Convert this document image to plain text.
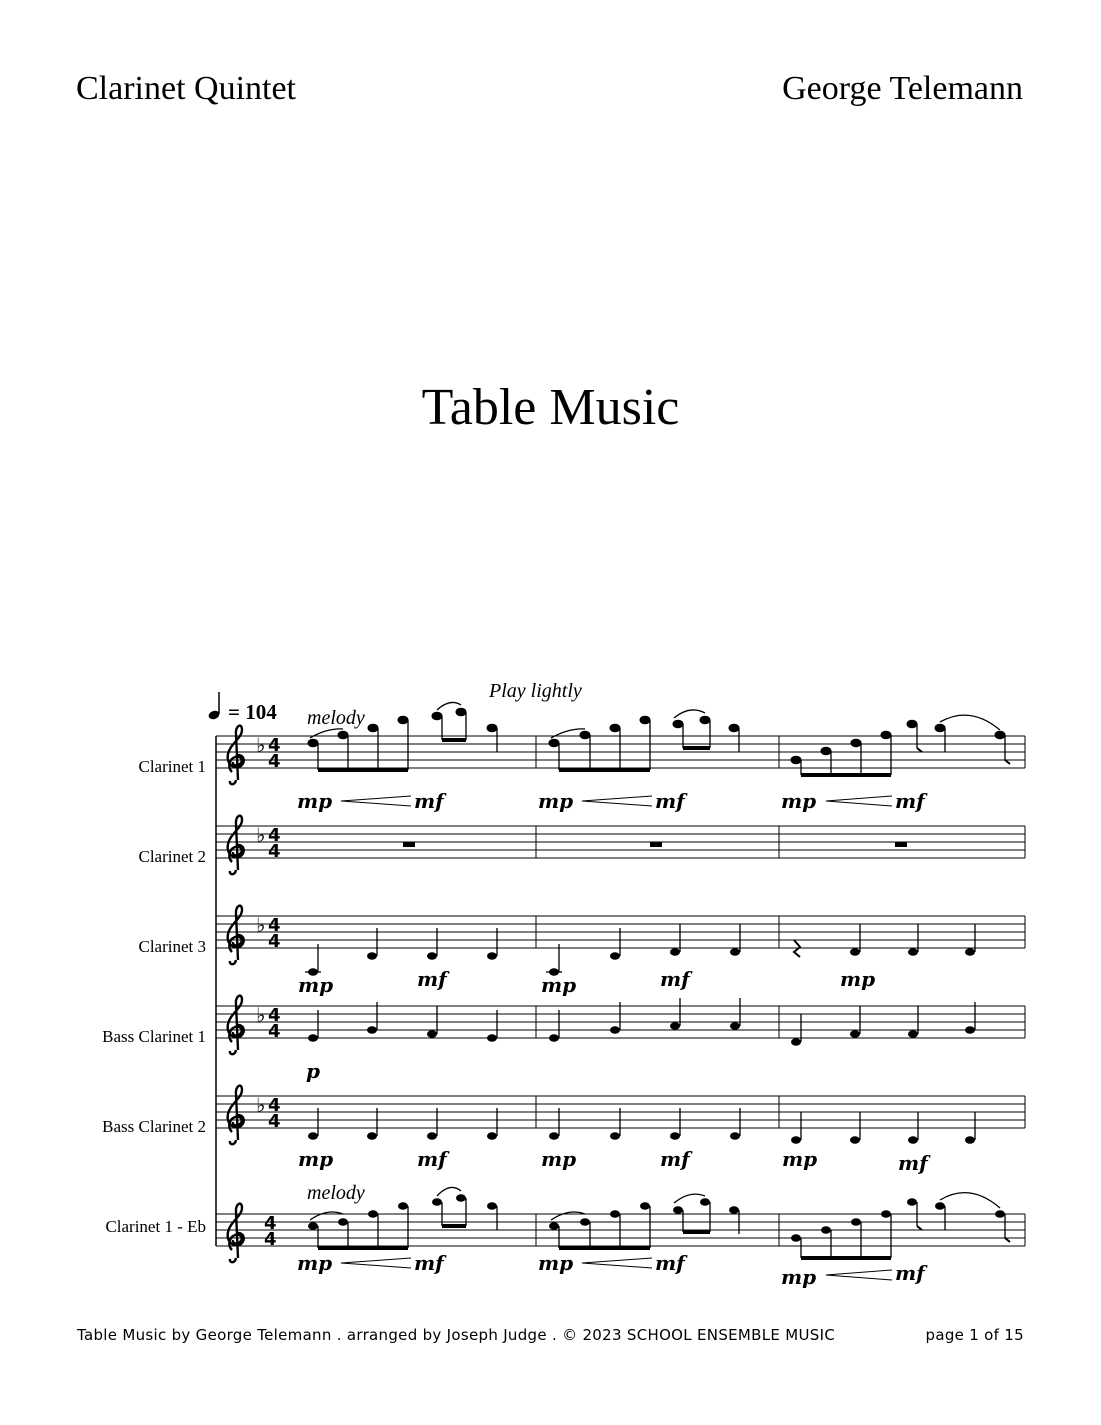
Clarinet Quintet	George Telemann
Table Music
= 104
Play lightly
Clarinet 1
♭ 4
4
melody
mp	mf	mp	mf	mp	mf
Clarinet 2
♭ 4
4
Clarinet 3
♭ 4
4
mp	mf	mp	mf	mp
Bass Clarinet 1
♭ 4
4
p
Bass Clarinet 2
♭ 4
4
mp	mf	mp	mf	mp	mf
Clarinet 1 - Eb	4
4
melody
mp	mf	mp	mf
mp	mf
Table Music by George Telemann . arranged by Joseph Judge . © 2023 SCHOOL ENSEMBLE MUSIC	page 1 of 15
